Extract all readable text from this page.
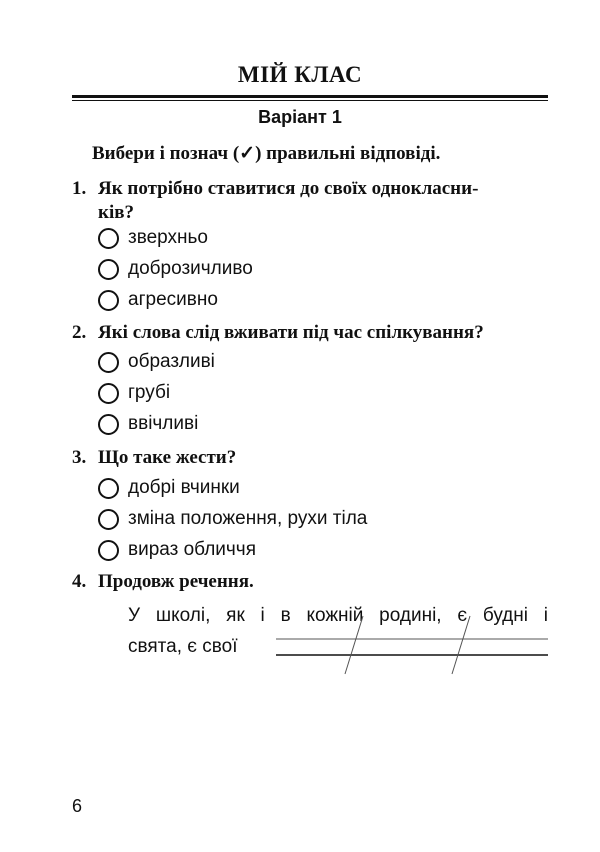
МІЙ КЛАС
Варіант 1
Вибери і познач (✓) правильні відповіді.
1. Як потрібно ставитися до своїх однокласни-
ків?
зверхньо
доброзичливо
агресивно
2. Які слова слід вживати під час спілкування?
образливі
грубі
ввічливі
3. Що таке жести?
добрі вчинки
зміна положення, рухи тіла
вираз обличчя
4. Продовж речення.
У школі, як і в кожній родині, є будні і
свята, є свої
6
